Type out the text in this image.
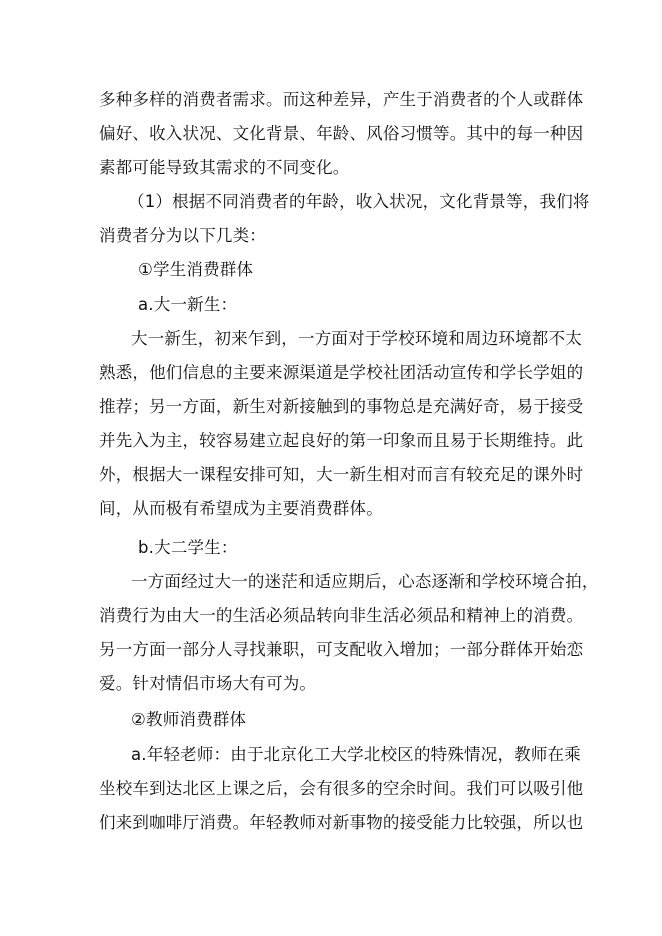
多种多样的消费者需求。而这种差异，产生于消费者的个人或群体
偏好、收入状况、文化背景、年龄、风俗习惯等。其中的每一种因
素都可能导致其需求的不同变化。
（1）根据不同消费者的年龄，收入状况，文化背景等，我们将
消费者分为以下几类：
①学生消费群体
a.大一新生：
大一新生，初来乍到，一方面对于学校环境和周边环境都不太
熟悉，他们信息的主要来源渠道是学校社团活动宣传和学长学姐的
推荐；另一方面，新生对新接触到的事物总是充满好奇，易于接受
并先入为主，较容易建立起良好的第一印象而且易于长期维持。此
外，根据大一课程安排可知，大一新生相对而言有较充足的课外时
间，从而极有希望成为主要消费群体。
b.大二学生：
一方面经过大一的迷茫和适应期后，心态逐渐和学校环境合拍，
消费行为由大一的生活必须品转向非生活必须品和精神上的消费。
另一方面一部分人寻找兼职，可支配收入增加；一部分群体开始恋
爱。针对情侣市场大有可为。
②教师消费群体
a.年轻老师：由于北京化工大学北校区的特殊情况，教师在乘
坐校车到达北区上课之后，会有很多的空余时间。我们可以吸引他
们来到咖啡厅消费。年轻教师对新事物的接受能力比较强，所以也
